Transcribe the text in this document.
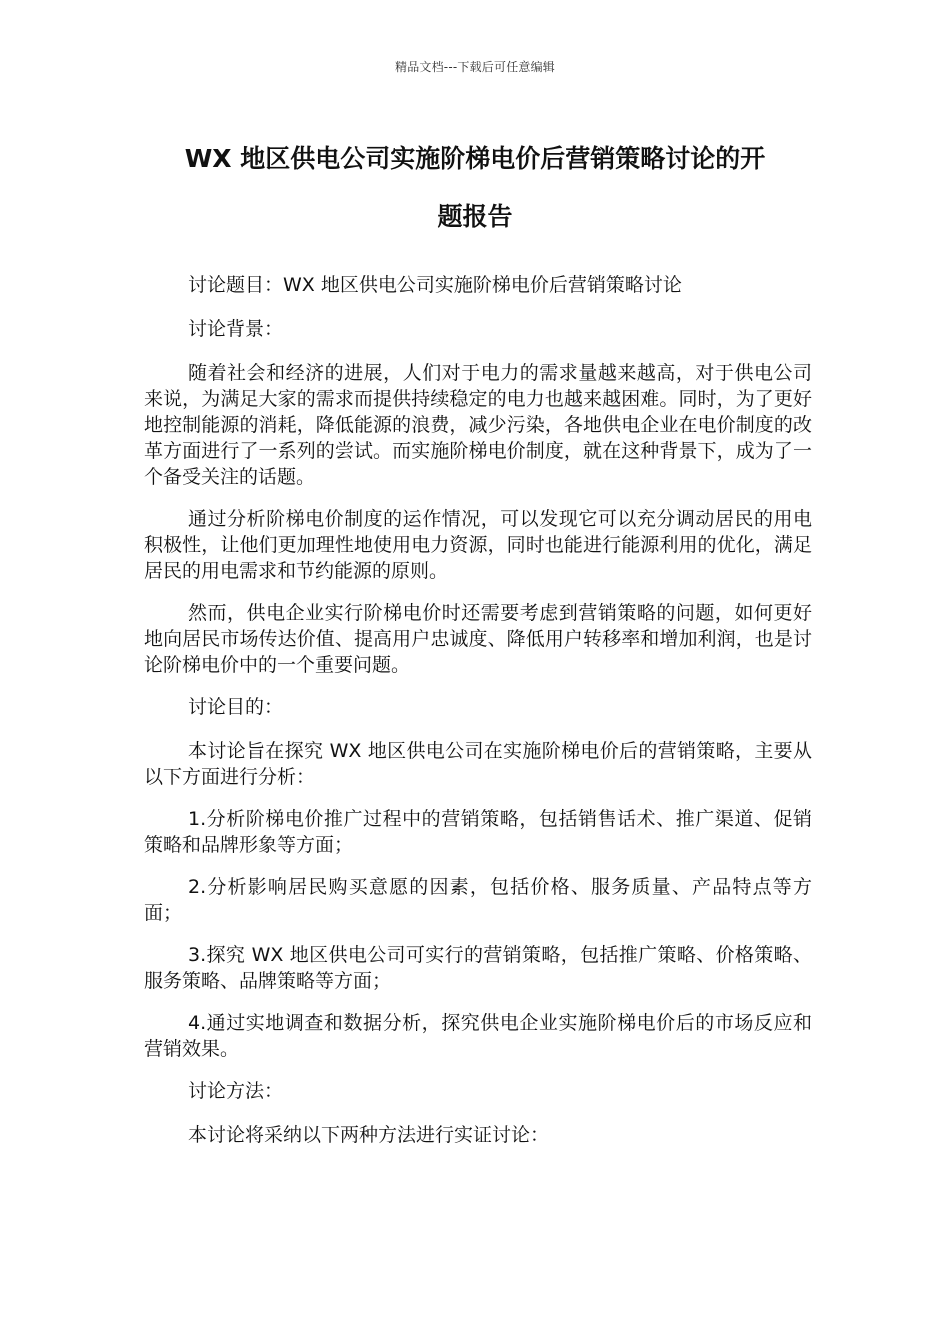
精品文档---下载后可任意编辑
WX 地区供电公司实施阶梯电价后营销策略讨论的开
题报告

讨论题目：WX 地区供电公司实施阶梯电价后营销策略讨论

讨论背景：

随着社会和经济的进展，人们对于电力的需求量越来越高，对于供电公司来说，为满足大家的需求而提供持续稳定的电力也越来越困难。同时，为了更好地控制能源的消耗，降低能源的浪费，减少污染，各地供电企业在电价制度的改革方面进行了一系列的尝试。而实施阶梯电价制度，就在这种背景下，成为了一个备受关注的话题。

通过分析阶梯电价制度的运作情况，可以发现它可以充分调动居民的用电积极性，让他们更加理性地使用电力资源，同时也能进行能源利用的优化，满足居民的用电需求和节约能源的原则。

然而，供电企业实行阶梯电价时还需要考虑到营销策略的问题，如何更好地向居民市场传达价值、提高用户忠诚度、降低用户转移率和增加利润，也是讨论阶梯电价中的一个重要问题。

讨论目的：

本讨论旨在探究 WX 地区供电公司在实施阶梯电价后的营销策略，主要从以下方面进行分析：

1.分析阶梯电价推广过程中的营销策略，包括销售话术、推广渠道、促销策略和品牌形象等方面；

2.分析影响居民购买意愿的因素，包括价格、服务质量、产品特点等方面；

3.探究 WX 地区供电公司可实行的营销策略，包括推广策略、价格策略、服务策略、品牌策略等方面；

4.通过实地调查和数据分析，探究供电企业实施阶梯电价后的市场反应和营销效果。

讨论方法：

本讨论将采纳以下两种方法进行实证讨论：
